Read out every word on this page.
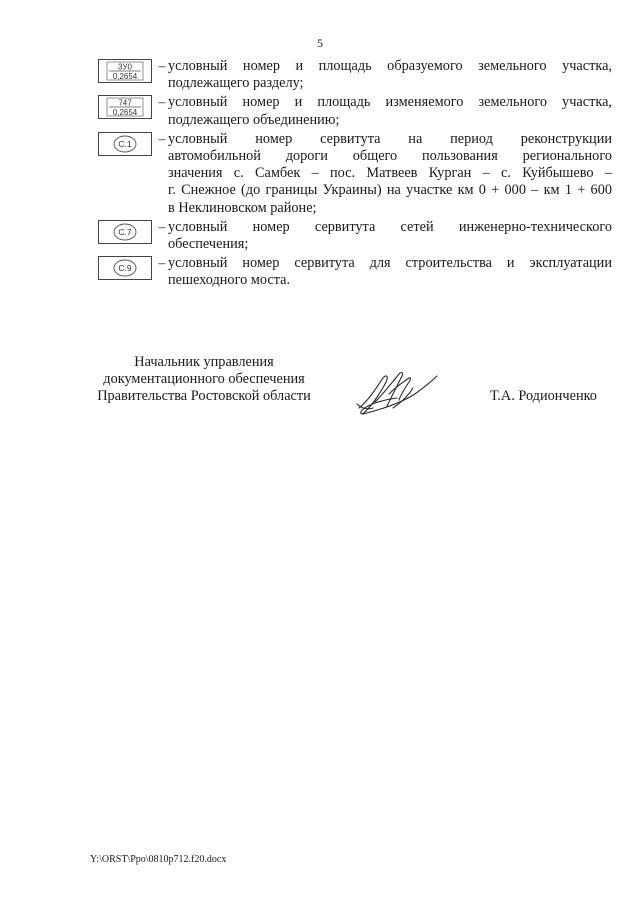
5
3У0
0,2654
– условный номер и площадь образуемого земельного участка,
подлежащего разделу;
747
0,2654
– условный номер и площадь изменяемого земельного участка,
подлежащего объединению;
С.1 – условный номер сервитута на период реконструкции
автомобильной дороги общего пользования регионального
значения с. Самбек – пос. Матвеев Курган – с. Куйбышево –
г. Снежное (до границы Украины) на участке км 0 + 000 – км 1 + 600
в Неклиновском районе;
С.7 – условный номер сервитута сетей инженерно-технического
обеспечения;
С.9 – условный номер сервитута для строительства и эксплуатации
пешеходного моста.
Начальник управления
документационного обеспечения
Правительства Ростовской области	Т.А. Родионченко
Y:\ORST\Ppo\0810p712.f20.docx
